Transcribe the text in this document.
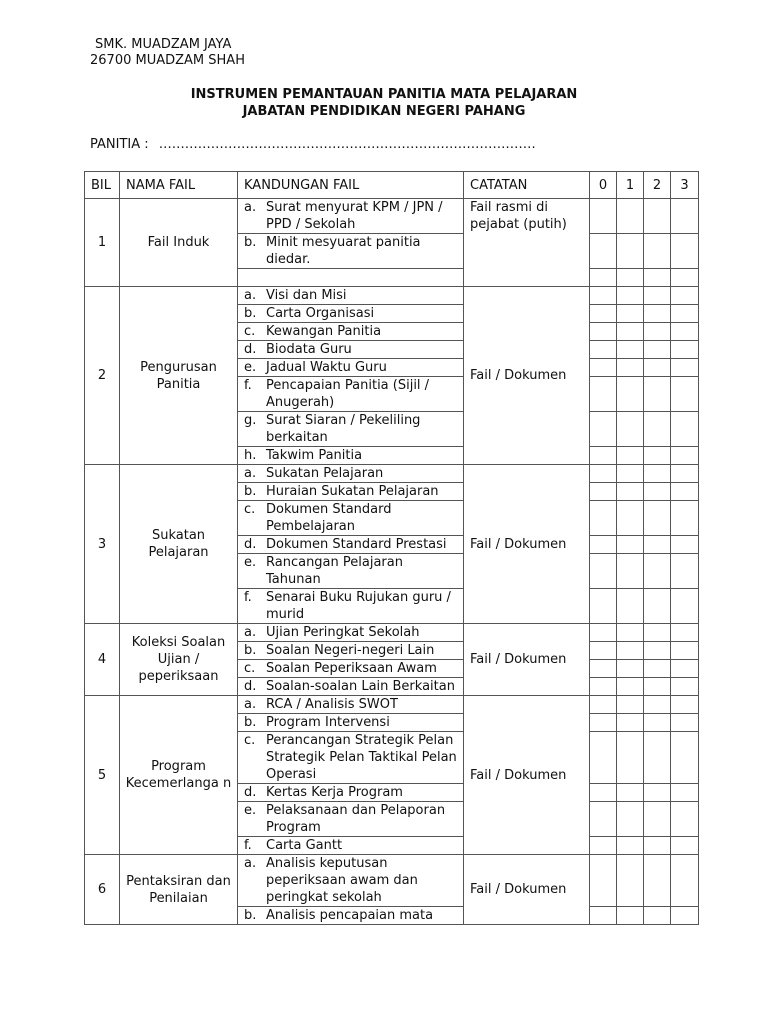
SMK. MUADZAM JAYA
26700 MUADZAM SHAH
INSTRUMEN PEMANTAUAN PANITIA MATA PELAJARAN
JABATAN PENDIDIKAN NEGERI PAHANG
PANITIA : ……………………………………………………………………………
BIL	NAMA FAIL	KANDUNGAN FAIL	CATATAN	0	1	2	3
1	Fail Induk	a. Surat menyurat KPM / JPN / PPD / Sekolah	Fail rasmi di pejabat (putih)				

		b. Minit mesyuarat panitia diedar.					

2	Pengurusan Panitia	a. Visi dan Misi	Fail / Dokumen				

		b. Carta Organisasi					

		c. Kewangan Panitia					

		d. Biodata Guru					

		e. Jadual Waktu Guru					

		f. Pencapaian Panitia (Sijil / Anugerah)					

		g. Surat Siaran / Pekeliling berkaitan					

		h. Takwim Panitia					

3	Sukatan Pelajaran	a. Sukatan Pelajaran	Fail / Dokumen				

		b. Huraian Sukatan Pelajaran					

		c. Dokumen Standard Pembelajaran					

		d. Dokumen Standard Prestasi					

		e. Rancangan Pelajaran Tahunan					

		f. Senarai Buku Rujukan guru / murid					

4	Koleksi Soalan Ujian / peperiksaan	a. Ujian Peringkat Sekolah	Fail / Dokumen				

		b. Soalan Negeri-negeri Lain					

		c. Soalan Peperiksaan Awam					

		d. Soalan-soalan Lain Berkaitan					

5	Program Kecemerlanga n	a. RCA / Analisis SWOT	Fail / Dokumen				

		b. Program Intervensi					

		c. Perancangan Strategik Pelan Strategik Pelan Taktikal Pelan Operasi					

		d. Kertas Kerja Program					

		e. Pelaksanaan dan Pelaporan Program					

		f. Carta Gantt					

6	Pentaksiran dan Penilaian	a. Analisis keputusan peperiksaan awam dan peringkat sekolah	Fail / Dokumen				

		b. Analisis pencapaian mata					
